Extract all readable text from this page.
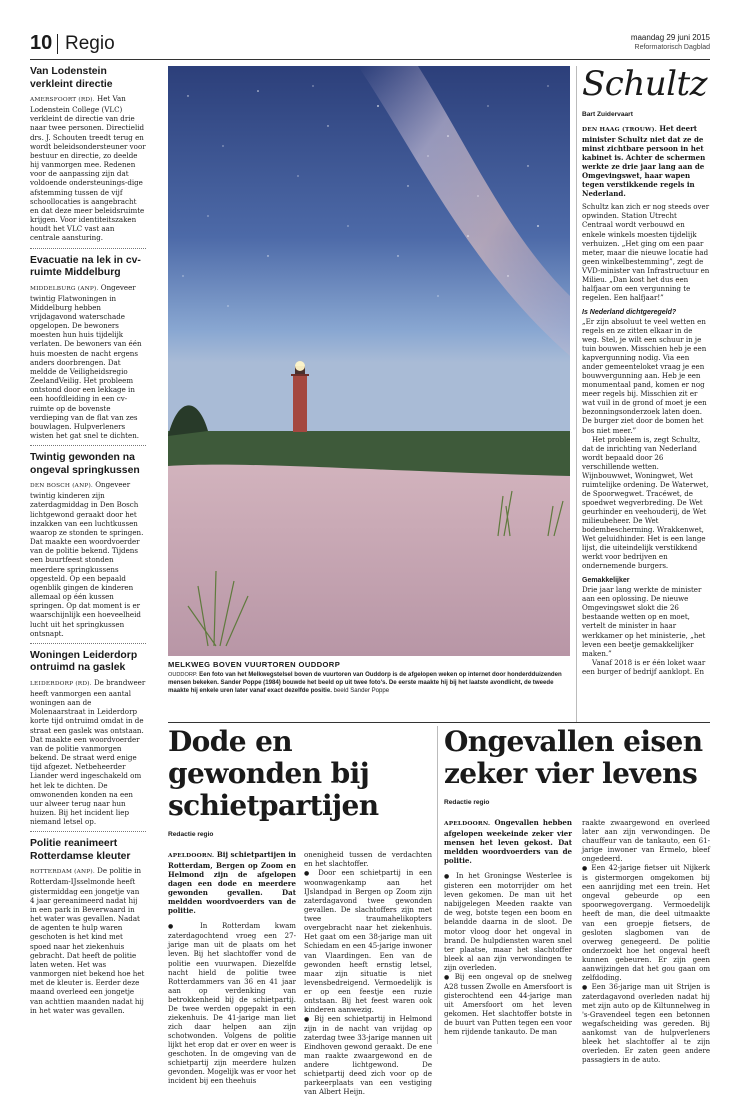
10 Regio	maandag 29 juni 2015
Reformatorisch Dagblad
Van Lodenstein verkleint directie

AMERSFOORT (RD). Het Van Lodenstein College (VLC) verkleint de directie van drie naar twee personen. Directielid drs. J. Schouten treedt terug en wordt beleidsondersteuner voor bestuur en directie, zo deelde hij vanmorgen mee. Redenen voor de aanpassing zijn dat voldoende ondersteunings-dige afstemming tussen de vijf schoollocaties is aangebracht en dat deze meer beleidsruimte krijgen. Voor identiteitszaken houdt het VLC vast aan centrale aansturing.

Evacuatie na lek in cv-ruimte Middelburg

MIDDELBURG (ANP). Ongeveer twintig Flatwoningen in Middelburg hebben vrijdagavond waterschade opgelopen. De bewoners moesten hun huis tijdelijk verlaten. De bewoners van één huis moesten de nacht ergens anders doorbrengen. Dat meldde de Veiligheidsregio ZeelandVeilig. Het probleem ontstond door een lekkage in een hoofdleiding in een cv-ruimte op de bovenste verdieping van de flat van zes bouwlagen. Hulpverleners wisten het gat snel te dichten.

Twintig gewonden na ongeval springkussen

DEN BOSCH (ANP). Ongeveer twintig kinderen zijn zaterdagmiddag in Den Bosch lichtgewond geraakt door het inzakken van een luchtkussen waarop ze stonden te springen. Dat maakte een woordvoerder van de politie bekend. Tijdens een buurtfeest stonden meerdere springkussens opgesteld. Op een bepaald ogenblik gingen de kinderen allemaal op één kussen springen. Op dat moment is er waarschijnlijk een hoeveelheid lucht uit het springkussen ontsnapt.

Woningen Leiderdorp ontruimd na gaslek

LEIDERDORP (RD). De brandweer heeft vanmorgen een aantal woningen aan de Molenaarstraat in Leiderdorp korte tijd ontruimd omdat in de straat een gaslek was ontstaan. Dat maakte een woordvoerder van de politie vanmorgen bekend. De straat werd enige tijd afgezet. Netbeheerder Liander werd ingeschakeld om het lek te dichten. De omwonenden konden na een uur alweer terug naar hun huizen. Bij het incident liep niemand letsel op.

Politie reanimeert Rotterdamse kleuter

ROTTERDAM (ANP). De politie in Rotterdam-IJsselmonde heeft gistermiddag een jongetje van 4 jaar gereanimeerd nadat hij in een park in Beverwaard in het water was gevallen. Nadat de agenten te hulp waren geschoten is het kind met spoed naar het ziekenhuis gebracht. Dat heeft de politie laten weten. Het was vanmorgen niet bekend hoe het met de kleuter is. Eerder deze maand overleed een jongetje van achttien maanden nadat hij in het water was gevallen.

MELKWEG BOVEN VUURTOREN OUDDORP
OUDDORP. Een foto van het Melkwegstelsel boven de vuurtoren van Ouddorp is de afgelopen weken op internet door honderdduizenden mensen bekeken. Sander Poppe (1984) bouwde het beeld op uit twee foto's. De eerste maakte hij bij het laatste avondlicht, de tweede maakte hij enkele uren later vanaf exact dezelfde positie. beeld Sander Poppe
Schultz
Bart Zuidervaart

DEN HAAG (TROUW). Het deert minister Schultz niet dat ze de minst zichtbare persoon in het kabinet is. Achter de schermen werkte ze drie jaar lang aan de Omgevingswet, haar wapen tegen verstikkende regels in Nederland.

Schultz kan zich er nog steeds over opwinden. Station Utrecht Centraal wordt verbouwd en enkele winkels moesten tijdelijk verhuizen. „Het ging om een paar meter, maar die nieuwe locatie had geen winkelbestemming”, zegt de VVD-minister van Infrastructuur en Milieu. „Dan kost het dus een halfjaar om een vergunning te regelen. Een halfjaar!”

Is Nederland dichtgeregeld?

„Er zijn absoluut te veel wetten en regels en ze zitten elkaar in de weg. Stel, je wilt een schuur in je tuin bouwen. Misschien heb je een kapvergunning nodig. Via een ander gemeenteloket vraag je een bouwvergunning aan. Heb je een monumentaal pand, komen er nog meer regels bij. Misschien zit er wat vuil in de grond of moet je een bezonningsonderzoek laten doen. De burger ziet door de bomen het bos niet meer.”

Het probleem is, zegt Schultz, dat de inrichting van Nederland wordt bepaald door 26 verschillende wetten. Wijnbouwwet, Woningwet, Wet ruimtelijke ordening. De Waterwet, de Spoorwegwet. Tracéwet, de spoedwet wegverbreding. De Wet geurhinder en veehouderij, de Wet milieubeheer. De Wet bodembescherming. Wrakkenwet, Wet geluidhinder. Het is een lange lijst, die uiteindelijk verstikkend werkt voor bedrijven en ondernemende burgers.

Gemakkelijker

Drie jaar lang werkte de minister aan een oplossing. De nieuwe Omgevingswet slokt die 26 bestaande wetten op en moet, vertelt de minister in haar werkkamer op het ministerie, „het leven een beetje gemakkelijker maken.”

Vanaf 2018 is er één loket waar een burger of bedrijf aanklopt. En

Dode en gewonden bij schietpartijen
Redactie regio

APELDOORN. Bij schietpartijen in Rotterdam, Bergen op Zoom en Helmond zijn de afgelopen dagen een dode en meerdere gewonden gevallen. Dat meldden woordvoerders van de politie.

● In Rotterdam kwam zaterdagochtend vroeg een 27-jarige man uit de plaats om het leven. Bij het slachtoffer vond de politie een vuurwapen. Diezelfde nacht hield de politie twee Rotterdammers van 36 en 41 jaar aan op verdenking van betrokkenheid bij de schietpartij. De twee werden opgepakt in een ziekenhuis. De 41-jarige man liet zich daar helpen aan zijn schotwonden. Volgens de politie lijkt het erop dat er over en weer is geschoten. In de omgeving van de schietpartij zijn meerdere hulzen gevonden. Mogelijk was er voor het incident bij een theehuis

onenigheid tussen de verdachten en het slachtoffer.

● Door een schietpartij in een woonwagenkamp aan het IJslandpad in Bergen op Zoom zijn zaterdagavond twee gewonden gevallen. De slachtoffers zijn met twee traumahelikopters overgebracht naar het ziekenhuis. Het gaat om een 38-jarige man uit Schiedam en een 45-jarige inwoner van Vlaardingen. Een van de gewonden heeft ernstig letsel, maar zijn situatie is niet levensbedreigend. Vermoedelijk is er op een feestje een ruzie ontstaan. Bij het feest waren ook kinderen aanwezig.

● Bij een schietpartij in Helmond zijn in de nacht van vrijdag op zaterdag twee 33-jarige mannen uit Eindhoven gewond geraakt. De ene man raakte zwaargewond en de andere lichtgewond. De schietpartij deed zich voor op de parkeerplaats van een vestiging van Albert Heijn.

Ongevallen eisen zeker vier levens
Redactie regio

APELDOORN. Ongevallen hebben afgelopen weekeinde zeker vier mensen het leven gekost. Dat meldden woordvoerders van de politie.

● In het Groningse Westerlee is gisteren een motorrijder om het leven gekomen. De man uit het nabijgelegen Meeden raakte van de weg, botste tegen een boom en belandde daarna in de sloot. De motor vloog door het ongeval in brand. De hulpdiensten waren snel ter plaatse, maar het slachtoffer bleek al aan zijn verwondingen te zijn overleden.

● Bij een ongeval op de snelweg A28 tussen Zwolle en Amersfoort is gisterochtend een 44-jarige man uit Amersfoort om het leven gekomen. Het slachtoffer botste in de buurt van Putten tegen een voor hem rijdende tankauto. De man

raakte zwaargewond en overleed later aan zijn verwondingen. De chauffeur van de tankauto, een 61-jarige inwoner van Ermelo, bleef ongedeerd.

● Een 42-jarige fietser uit Nijkerk is gistermorgen omgekomen bij een aanrijding met een trein. Het ongeval gebeurde op een spoorwegovergang. Vermoedelijk heeft de man, die deel uitmaakte van een groepje fietsers, de gesloten slagbomen van de overweg genegeerd. De politie onderzoekt hoe het ongeval heeft kunnen gebeuren. Er zijn geen aanwijzingen dat het gou gaan om zelfdoding.

● Een 36-jarige man uit Strijen is zaterdagavond overleden nadat hij met zijn auto op de Kiltunnelweg in 's-Gravendeel tegen een betonnen wegafscheiding was gereden. Bij aankomst van de hulpverleners bleek het slachtoffer al te zijn overleden. Er zaten geen andere passagiers in de auto.
